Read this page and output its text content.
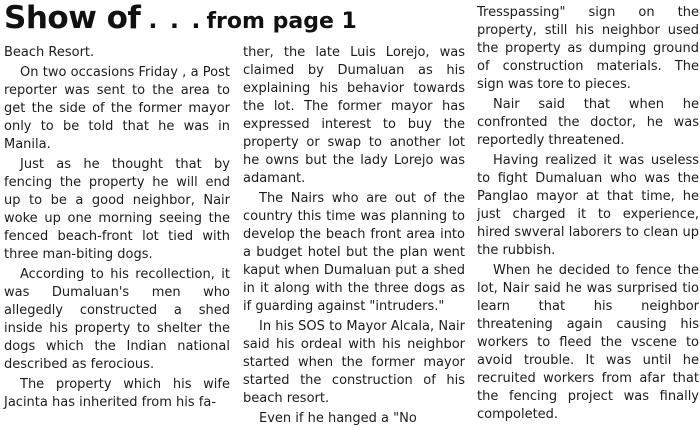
Show of . . . from page 1

Beach Resort.

On two occasions Friday , a Post reporter was sent to the area to get the side of the former mayor only to be told that he was in Manila.

Just as he thought that by fencing the property he will end up to be a good neighbor, Nair woke up one morning seeing the fenced beach-front lot tied with three man-biting dogs.

According to his recollection, it was Dumaluan's men who allegedly constructed a shed inside his property to shelter the dogs which the Indian national described as ferocious.

The property which his wife Jacinta has inherited from his fa-

ther, the late Luis Lorejo, was claimed by Dumaluan as his explaining his behavior towards the lot. The former mayor has expressed interest to buy the property or swap to another lot he owns but the lady Lorejo was adamant.

The Nairs who are out of the country this time was planning to develop the beach front area into a budget hotel but the plan went kaput when Dumaluan put a shed in it along with the three dogs as if guarding against "intruders."

In his SOS to Mayor Alcala, Nair said his ordeal with his neighbor started when the former mayor started the construction of his beach resort.

Even if he hanged a "No

Tresspassing" sign on the property, still his neighbor used the property as dumping ground of construction materials. The sign was tore to pieces.

Nair said that when he confronted the doctor, he was reportedly threatened.

Having realized it was useless to fight Dumaluan who was the Panglao mayor at that time, he just charged it to experience, hired swveral laborers to clean up the rubbish.

When he decided to fence the lot, Nair said he was surprised tio learn that his neighbor threatening again causing his workers to fleed the vscene to avoid trouble. It was until he recruited workers from afar that the fencing project was finally compoleted.
